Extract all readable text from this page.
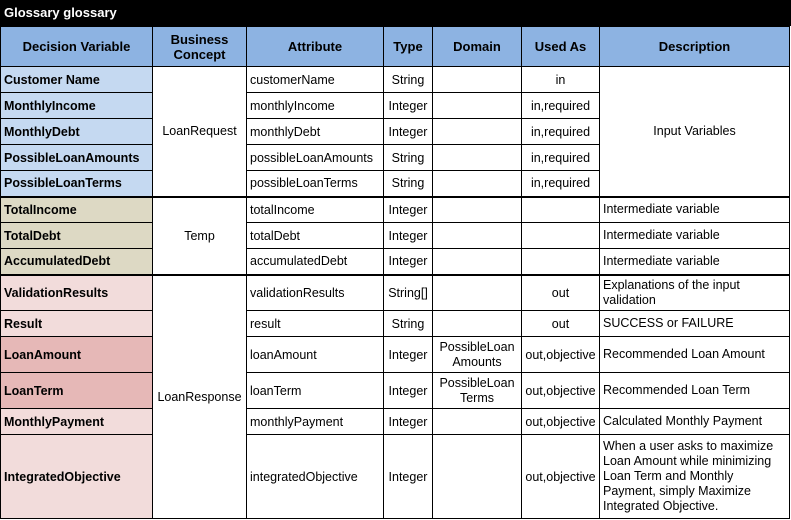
Glossary glossary
Decision Variable	Business Concept	Attribute	Type	Domain	Used As	Description
Customer Name	LoanRequest	customerName	String		in	Input Variables
MonthlyIncome		monthlyIncome	Integer		in,required	
MonthlyDebt		monthlyDebt	Integer		in,required	
PossibleLoanAmounts		possibleLoanAmounts	String		in,required	
PossibleLoanTerms		possibleLoanTerms	String		in,required	
TotalIncome	Temp	totalIncome	Integer			Intermediate variable
TotalDebt		totalDebt	Integer			Intermediate variable
AccumulatedDebt		accumulatedDebt	Integer			Intermediate variable
ValidationResults	LoanResponse	validationResults	String[]		out	Explanations of the input validation
Result		result	String		out	SUCCESS or FAILURE
LoanAmount		loanAmount	Integer	PossibleLoan Amounts	out,objective	Recommended Loan Amount
LoanTerm		loanTerm	Integer	PossibleLoan Terms	out,objective	Recommended Loan Term
MonthlyPayment		monthlyPayment	Integer		out,objective	Calculated Monthly Payment
IntegratedObjective		integratedObjective	Integer		out,objective	When a user asks to maximize Loan Amount while minimizing Loan Term and Monthly Payment, simply Maximize Integrated Objective.
